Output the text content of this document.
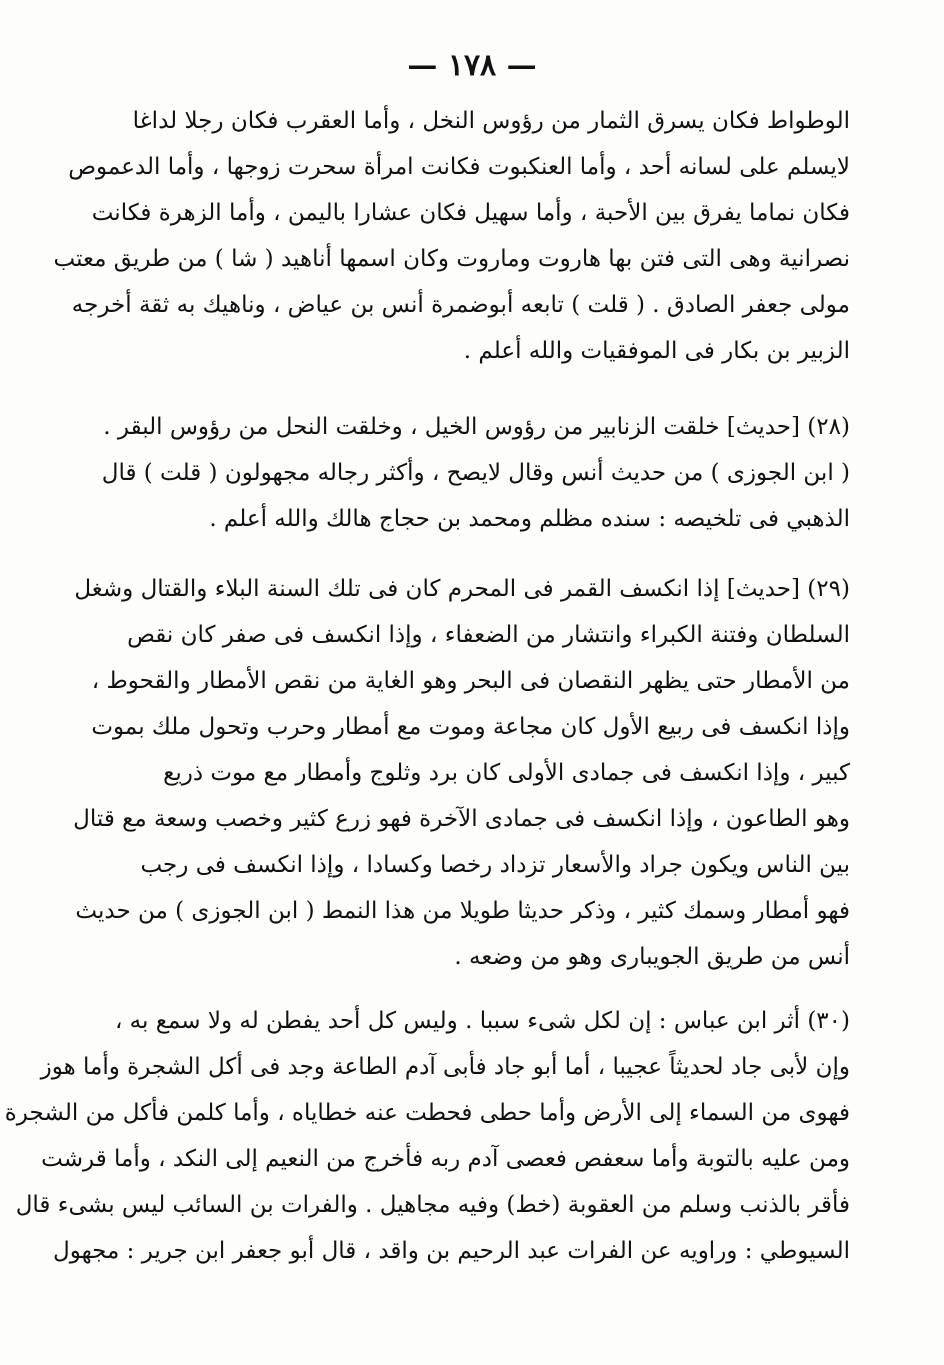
— ١٧٨ —
الوطواط فكان يسرق الثمار من رؤوس النخل ، وأما العقرب فكان رجلا لداغا
لايسلم على لسانه أحد ، وأما العنكبوت فكانت امرأة سحرت زوجها ، وأما الدعموص
فكان نماما يفرق بين الأحبة ، وأما سهيل فكان عشارا باليمن ، وأما الزهرة فكانت
نصرانية وهى التى فتن بها هاروت وماروت وكان اسمها أناهيد ( شا ) من طريق معتب
مولى جعفر الصادق . ( قلت ) تابعه أبوضمرة أنس بن عياض ، وناهيك به ثقة أخرجه
الزبير بن بكار فى الموفقيات والله أعلم .
(٢٨) [حديث] خلقت الزنابير من رؤوس الخيل ، وخلقت النحل من رؤوس البقر .
( ابن الجوزى ) من حديث أنس وقال لايصح ، وأكثر رجاله مجهولون ( قلت ) قال
الذهبي فى تلخيصه : سنده مظلم ومحمد بن حجاج هالك والله أعلم .
(٢٩) [حديث] إذا انكسف القمر فى المحرم كان فى تلك السنة البلاء والقتال وشغل
السلطان وفتنة الكبراء وانتشار من الضعفاء ، وإذا انكسف فى صفر كان نقص
من الأمطار حتى يظهر النقصان فى البحر وهو الغاية من نقص الأمطار والقحوط ،
وإذا انكسف فى ربيع الأول كان مجاعة وموت مع أمطار وحرب وتحول ملك بموت
كبير ، وإذا انكسف فى جمادى الأولى كان برد وثلوج وأمطار مع موت ذريع
وهو الطاعون ، وإذا انكسف فى جمادى الآخرة فهو زرع كثير وخصب وسعة مع قتال
بين الناس ويكون جراد والأسعار تزداد رخصا وكسادا ، وإذا انكسف فى رجب
فهو أمطار وسمك كثير ، وذكر حديثا طويلا من هذا النمط ( ابن الجوزى ) من حديث
أنس من طريق الجويبارى وهو من وضعه .
(٣٠) أثر ابن عباس : إن لكل شىء سببا . وليس كل أحد يفطن له ولا سمع به ،
وإن لأبى جاد لحديثاً عجيبا ، أما أبو جاد فأبى آدم الطاعة وجد فى أكل الشجرة وأما هوز
فهوى من السماء إلى الأرض وأما حطى فحطت عنه خطاياه ، وأما كلمن فأكل من الشجرة
ومن عليه بالتوبة وأما سعفص فعصى آدم ربه فأخرج من النعيم إلى النكد ، وأما قرشت
فأقر بالذنب وسلم من العقوبة (خط) وفيه مجاهيل . والفرات بن السائب ليس بشىء قال
السيوطي : وراويه عن الفرات عبد الرحيم بن واقد ، قال أبو جعفر ابن جرير : مجهول
